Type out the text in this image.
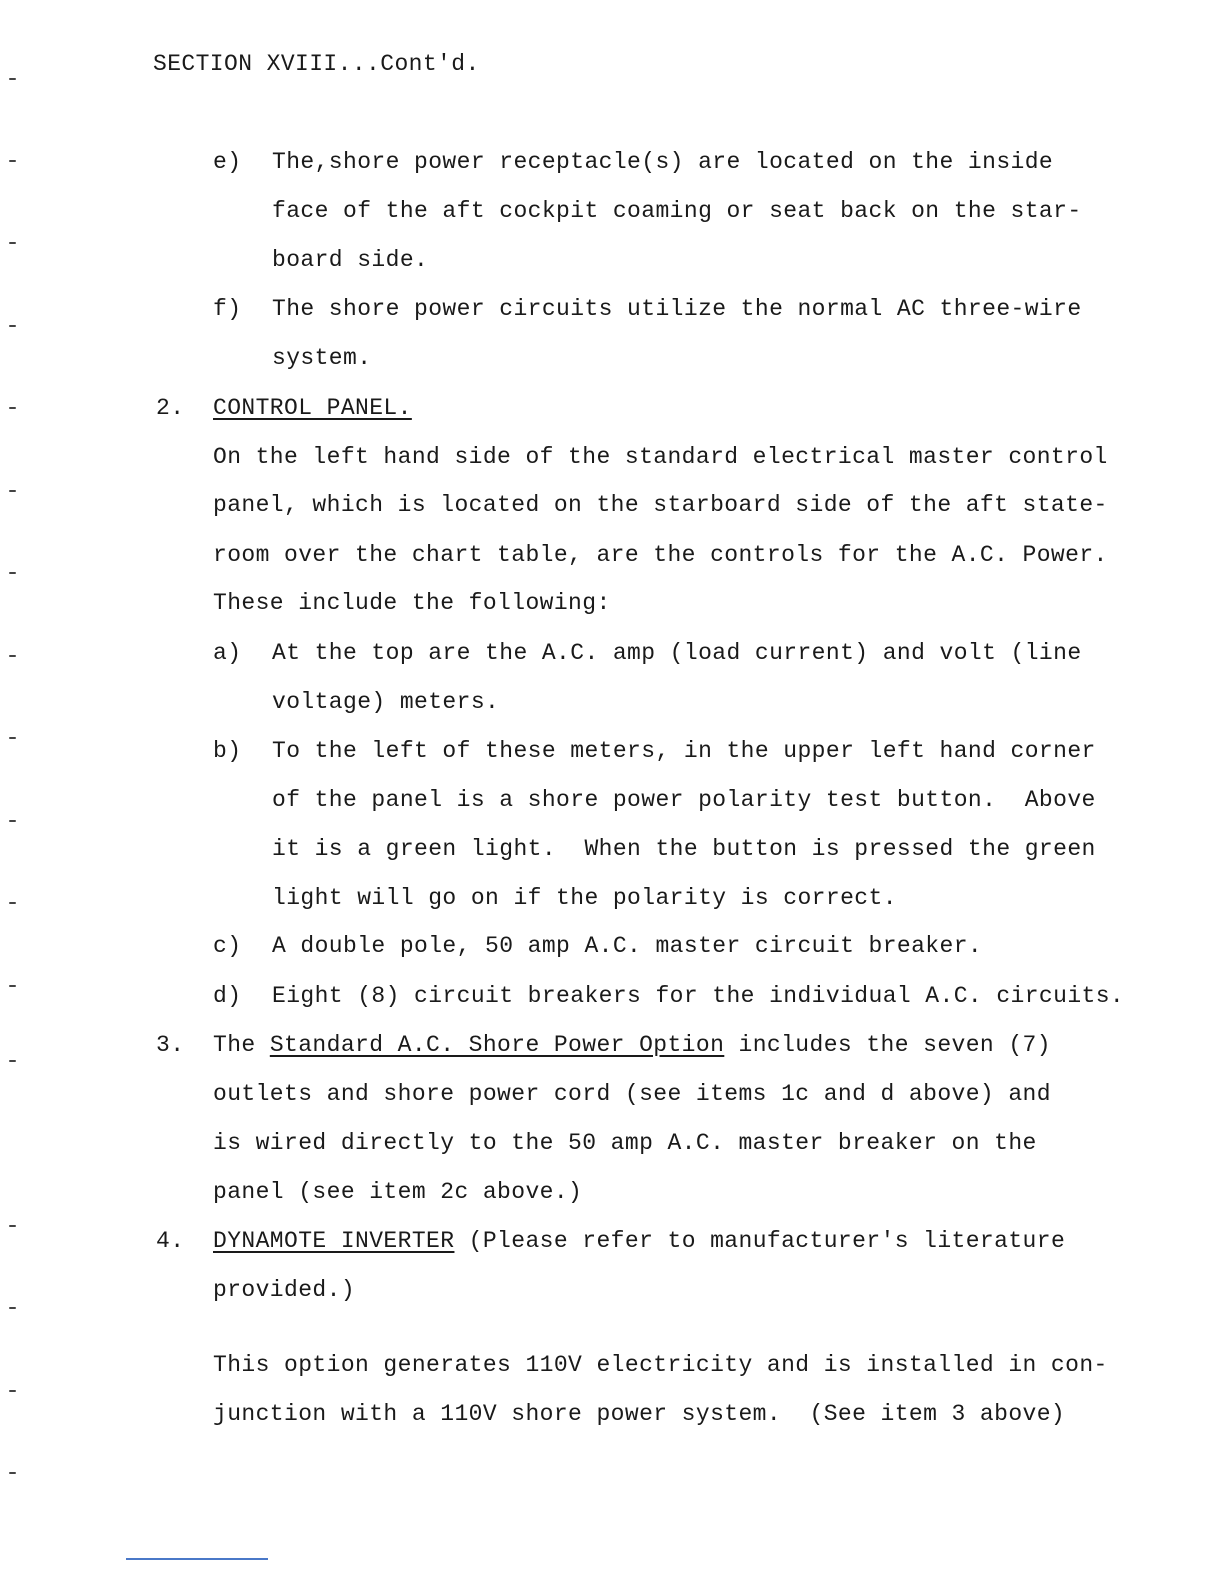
SECTION XVIII...Cont'd.
e) The,shore power receptacle(s) are located on the inside
face of the aft cockpit coaming or seat back on the star-
board side.
f) The shore power circuits utilize the normal AC three-wire
system.
2. CONTROL PANEL.
On the left hand side of the standard electrical master control
panel, which is located on the starboard side of the aft state-
room over the chart table, are the controls for the A.C. Power.
These include the following:
a) At the top are the A.C. amp (load current) and volt (line
voltage) meters.
b) To the left of these meters, in the upper left hand corner
of the panel is a shore power polarity test button.  Above
it is a green light.  When the button is pressed the green
light will go on if the polarity is correct.
c) A double pole, 50 amp A.C. master circuit breaker.
d) Eight (8) circuit breakers for the individual A.C. circuits.
3. The Standard A.C. Shore Power Option includes the seven (7)
outlets and shore power cord (see items 1c and d above) and
is wired directly to the 50 amp A.C. master breaker on the
panel (see item 2c above.)
4. DYNAMOTE INVERTER (Please refer to manufacturer's literature
provided.)
This option generates 110V electricity and is installed in con-
junction with a 110V shore power system.  (See item 3 above)
